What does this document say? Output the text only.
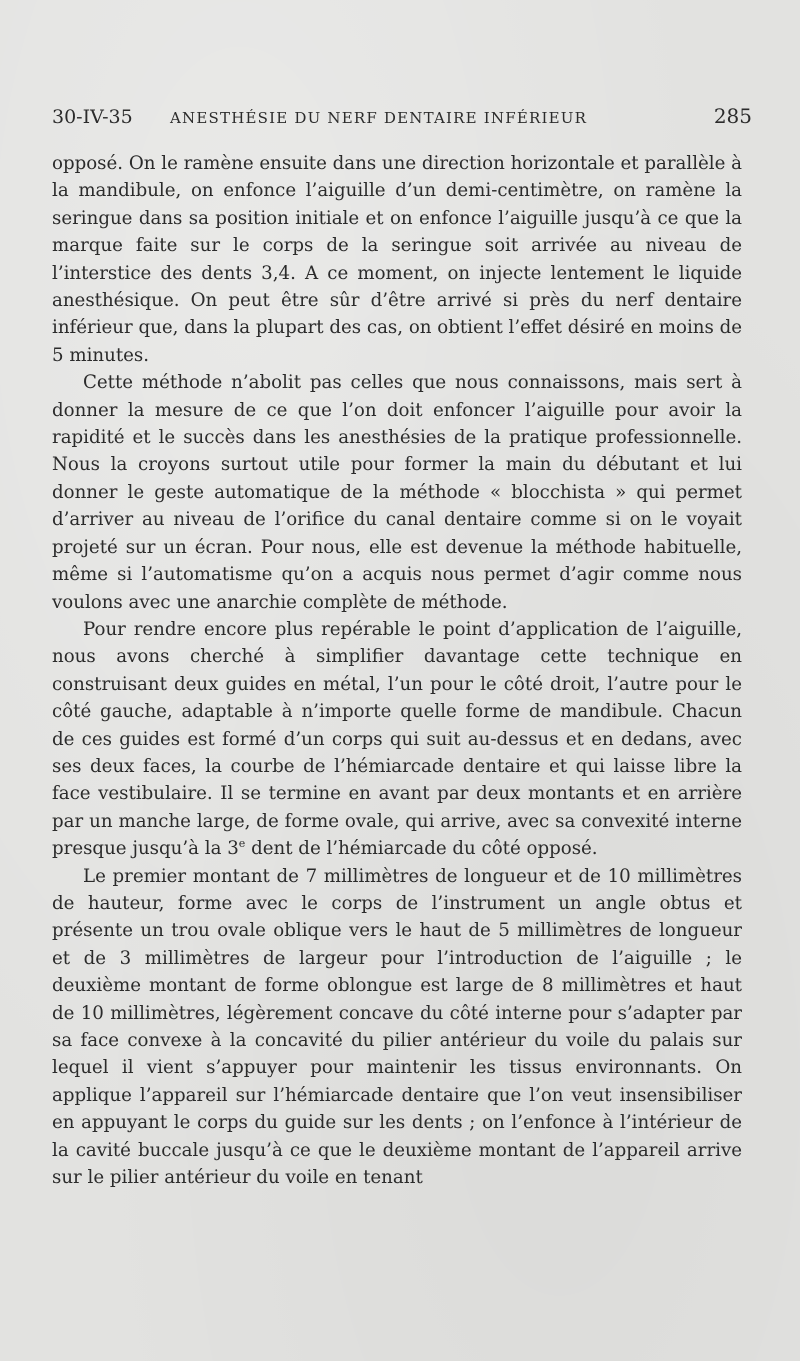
30-IV-35	ANESTHÉSIE DU NERF DENTAIRE INFÉRIEUR	285

opposé. On le ramène ensuite dans une direction horizontale et parallèle à la mandibule, on enfonce l’aiguille d’un demi-centimètre, on ramène la seringue dans sa position initiale et on enfonce l’aiguille jusqu’à ce que la marque faite sur le corps de la seringue soit arrivée au niveau de l’interstice des dents 3,4. A ce moment, on injecte lentement le liquide anesthésique. On peut être sûr d’être arrivé si près du nerf dentaire inférieur que, dans la plupart des cas, on obtient l’effet désiré en moins de 5 minutes.

Cette méthode n’abolit pas celles que nous connaissons, mais sert à donner la mesure de ce que l’on doit enfoncer l’aiguille pour avoir la rapidité et le succès dans les anesthésies de la pratique professionnelle. Nous la croyons surtout utile pour former la main du débutant et lui donner le geste automatique de la méthode « blocchista » qui permet d’arriver au niveau de l’orifice du canal dentaire comme si on le voyait projeté sur un écran. Pour nous, elle est devenue la méthode habituelle, même si l’automatisme qu’on a acquis nous permet d’agir comme nous voulons avec une anarchie complète de méthode.

Pour rendre encore plus repérable le point d’application de l’aiguille, nous avons cherché à simplifier davantage cette technique en construisant deux guides en métal, l’un pour le côté droit, l’autre pour le côté gauche, adaptable à n’importe quelle forme de mandibule. Chacun de ces guides est formé d’un corps qui suit au-dessus et en dedans, avec ses deux faces, la courbe de l’hémiarcade dentaire et qui laisse libre la face vestibulaire. Il se termine en avant par deux montants et en arrière par un manche large, de forme ovale, qui arrive, avec sa convexité interne presque jusqu’à la 3e dent de l’hémiarcade du côté opposé.

Le premier montant de 7 millimètres de longueur et de 10 millimètres de hauteur, forme avec le corps de l’instrument un angle obtus et présente un trou ovale oblique vers le haut de 5 millimètres de longueur et de 3 millimètres de largeur pour l’introduction de l’aiguille ; le deuxième montant de forme oblongue est large de 8 millimètres et haut de 10 millimètres, légèrement concave du côté interne pour s’adapter par sa face convexe à la concavité du pilier antérieur du voile du palais sur lequel il vient s’appuyer pour maintenir les tissus environnants. On applique l’appareil sur l’hémiarcade dentaire que l’on veut insensibiliser en appuyant le corps du guide sur les dents ; on l’enfonce à l’intérieur de la cavité buccale jusqu’à ce que le deuxième montant de l’appareil arrive sur le pilier antérieur du voile en tenant
